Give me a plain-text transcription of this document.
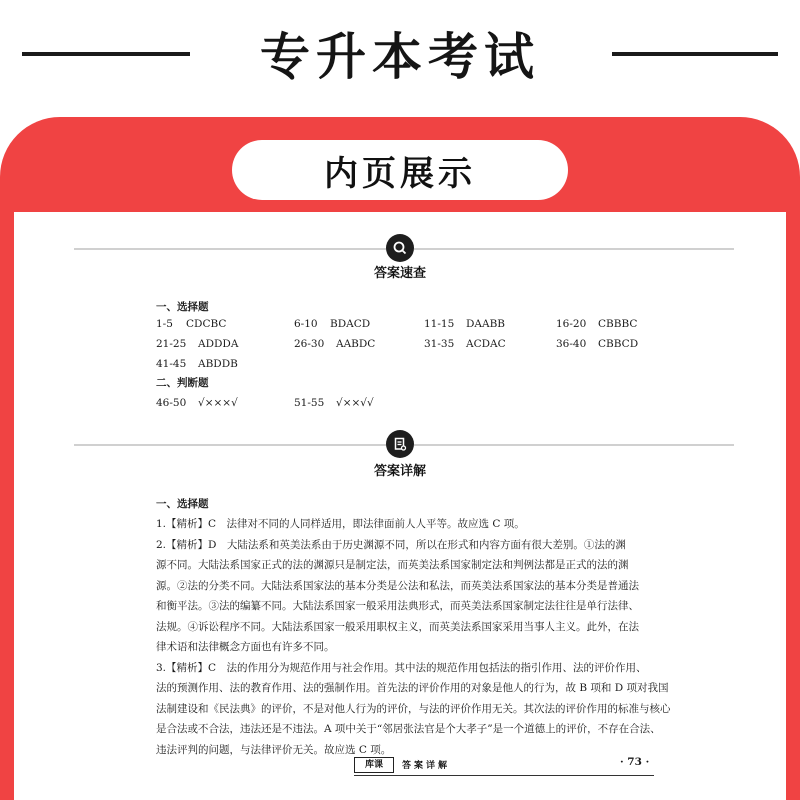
专升本考试
内页展示
答案速查
一、选择题
1-5 CDCBC	6-10 BDACD	11-15 DAABB	16-20 CBBBC
21-25 ADDDA	26-30 AABDC	31-35 ACDAC	36-40 CBBCD
41-45 ABDDB
二、判断题
46-50 √×××√	51-55 √××√√
答案详解
一、选择题

1.【精析】C　法律对不同的人同样适用，即法律面前人人平等。故应选 C 项。

2.【精析】D　大陆法系和英美法系由于历史渊源不同，所以在形式和内容方面有很大差别。①法的渊

源不同。大陆法系国家正式的法的渊源只是制定法，而英美法系国家制定法和判例法都是正式的法的渊

源。②法的分类不同。大陆法系国家法的基本分类是公法和私法，而英美法系国家法的基本分类是普通法

和衡平法。③法的编纂不同。大陆法系国家一般采用法典形式，而英美法系国家制定法往往是单行法律、

法规。④诉讼程序不同。大陆法系国家一般采用职权主义，而英美法系国家采用当事人主义。此外，在法

律术语和法律概念方面也有许多不同。

3.【精析】C　法的作用分为规范作用与社会作用。其中法的规范作用包括法的指引作用、法的评价作用、

法的预测作用、法的教育作用、法的强制作用。首先法的评价作用的对象是他人的行为，故 B 项和 D 项对我国

法制建设和《民法典》的评价，不是对他人行为的评价，与法的评价作用无关。其次法的评价作用的标准与核心

是合法或不合法，违法还是不违法。A 项中关于“邻居张法官是个大孝子”是一个道德上的评价，不存在合法、

违法评判的问题，与法律评价无关。故应选 C 项。

库课	答案详解	· 73 ·
